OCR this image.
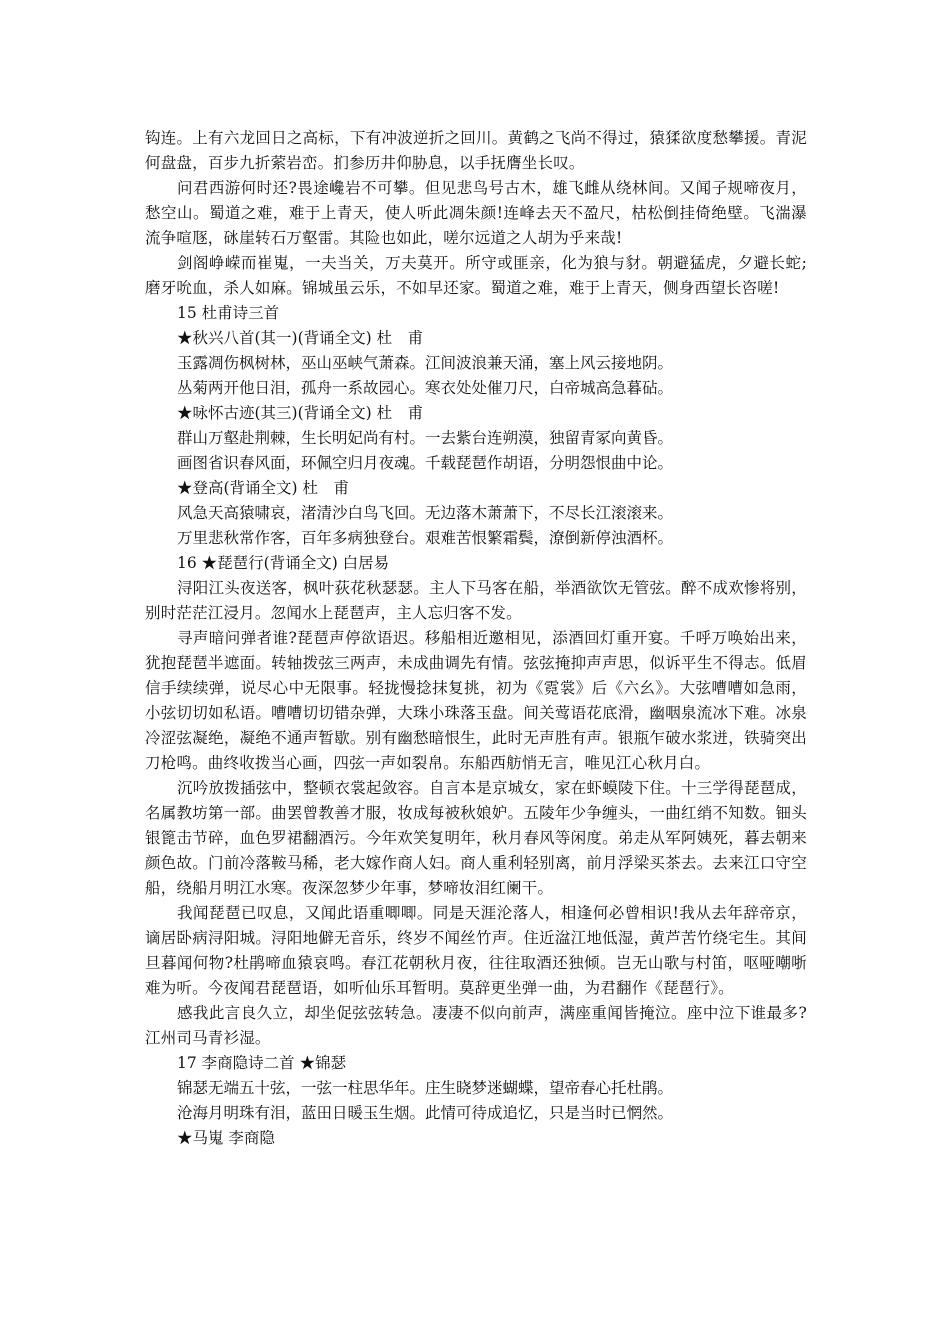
钩连。上有六龙回日之高标，下有冲波逆折之回川。黄鹤之飞尚不得过，猿猱欲度愁攀援。青泥何盘盘，百步九折萦岩峦。扪参历井仰胁息，以手抚膺坐长叹。

问君西游何时还?畏途巉岩不可攀。但见悲鸟号古木，雄飞雌从绕林间。又闻子规啼夜月，愁空山。蜀道之难，难于上青天，使人听此凋朱颜!连峰去天不盈尺，枯松倒挂倚绝壁。飞湍瀑流争喧豗，砯崖转石万壑雷。其险也如此，嗟尔远道之人胡为乎来哉!

剑阁峥嵘而崔嵬，一夫当关，万夫莫开。所守或匪亲，化为狼与豺。朝避猛虎，夕避长蛇;磨牙吮血，杀人如麻。锦城虽云乐，不如早还家。蜀道之难，难于上青天，侧身西望长咨嗟!

15 杜甫诗三首

★秋兴八首(其一)(背诵全文) 杜　甫

玉露凋伤枫树林，巫山巫峡气萧森。江间波浪兼天涌，塞上风云接地阴。

丛菊两开他日泪，孤舟一系故园心。寒衣处处催刀尺，白帝城高急暮砧。

★咏怀古迹(其三)(背诵全文) 杜　甫

群山万壑赴荆棘，生长明妃尚有村。一去紫台连朔漠，独留青冢向黄昏。

画图省识春风面，环佩空归月夜魂。千载琵琶作胡语，分明怨恨曲中论。

★登高(背诵全文) 杜　甫

风急天高猿啸哀，渚清沙白鸟飞回。无边落木萧萧下，不尽长江滚滚来。

万里悲秋常作客，百年多病独登台。艰难苦恨繁霜鬓，潦倒新停浊酒杯。

16 ★琵琶行(背诵全文) 白居易

浔阳江头夜送客，枫叶荻花秋瑟瑟。主人下马客在船，举酒欲饮无管弦。醉不成欢惨将别，别时茫茫江浸月。忽闻水上琵琶声，主人忘归客不发。

寻声暗问弹者谁?琵琶声停欲语迟。移船相近邀相见，添酒回灯重开宴。千呼万唤始出来，犹抱琵琶半遮面。转轴拨弦三两声，未成曲调先有情。弦弦掩抑声声思，似诉平生不得志。低眉信手续续弹，说尽心中无限事。轻拢慢捻抹复挑，初为《霓裳》后《六幺》。大弦嘈嘈如急雨，小弦切切如私语。嘈嘈切切错杂弹，大珠小珠落玉盘。间关莺语花底滑，幽咽泉流冰下难。冰泉冷涩弦凝绝，凝绝不通声暂歇。别有幽愁暗恨生，此时无声胜有声。银瓶乍破水浆迸，铁骑突出刀枪鸣。曲终收拨当心画，四弦一声如裂帛。东船西舫悄无言，唯见江心秋月白。

沉吟放拨插弦中，整顿衣裳起敛容。自言本是京城女，家在虾蟆陵下住。十三学得琵琶成，名属教坊第一部。曲罢曾教善才服，妆成每被秋娘妒。五陵年少争缠头，一曲红绡不知数。钿头银篦击节碎，血色罗裙翻酒污。今年欢笑复明年，秋月春风等闲度。弟走从军阿姨死，暮去朝来颜色故。门前冷落鞍马稀，老大嫁作商人妇。商人重利轻别离，前月浮梁买茶去。去来江口守空船，绕船月明江水寒。夜深忽梦少年事，梦啼妆泪红阑干。

我闻琵琶已叹息，又闻此语重唧唧。同是天涯沦落人，相逢何必曾相识!我从去年辞帝京，谪居卧病浔阳城。浔阳地僻无音乐，终岁不闻丝竹声。住近湓江地低湿，黄芦苦竹绕宅生。其间旦暮闻何物?杜鹃啼血猿哀鸣。春江花朝秋月夜，往往取酒还独倾。岂无山歌与村笛，呕哑嘲哳难为听。今夜闻君琵琶语，如听仙乐耳暂明。莫辞更坐弹一曲，为君翻作《琵琶行》。

感我此言良久立，却坐促弦弦转急。凄凄不似向前声，满座重闻皆掩泣。座中泣下谁最多?江州司马青衫湿。

17 李商隐诗二首 ★锦瑟

锦瑟无端五十弦，一弦一柱思华年。庄生晓梦迷蝴蝶，望帝春心托杜鹃。

沧海月明珠有泪，蓝田日暖玉生烟。此情可待成追忆，只是当时已惘然。

★马嵬 李商隐
